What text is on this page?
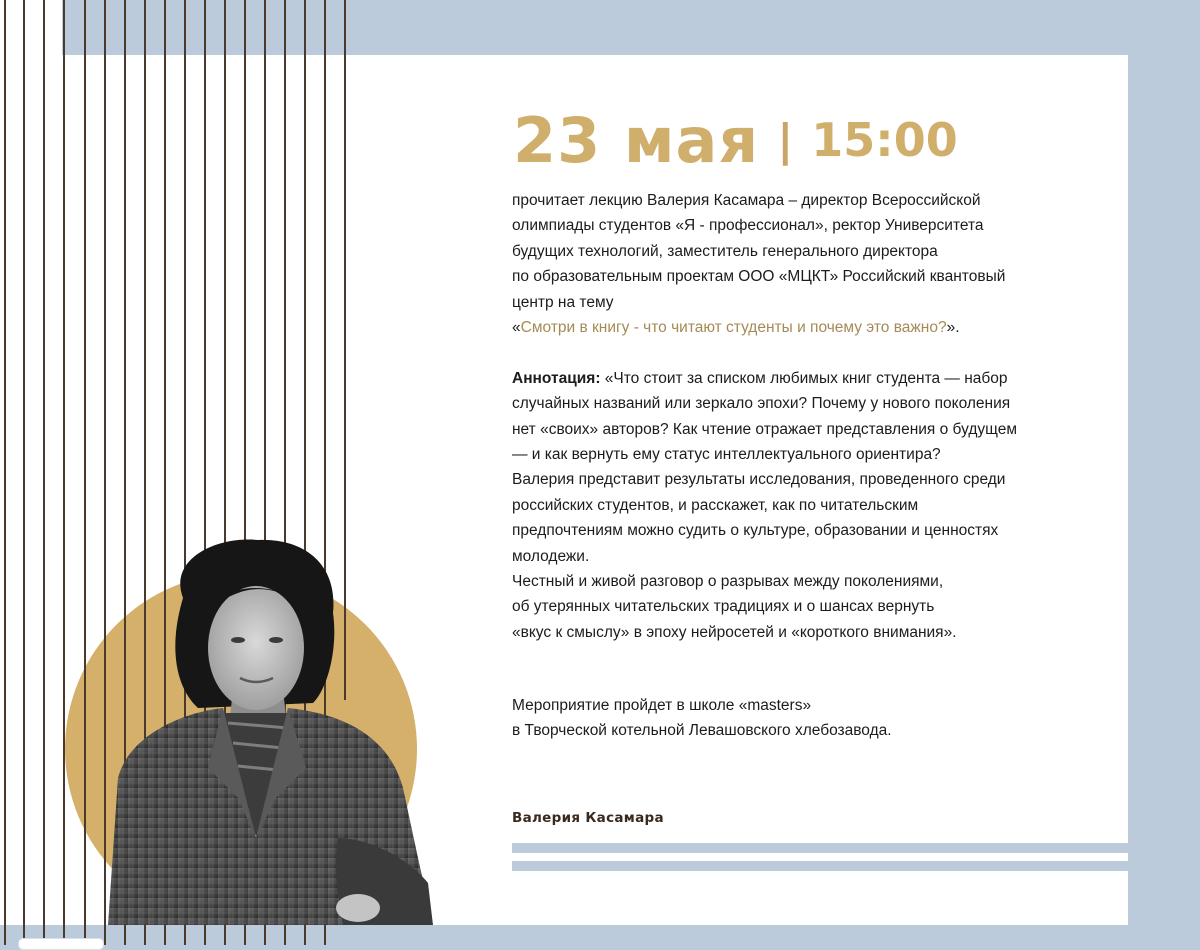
23 мая | 15:00
прочитает лекцию Валерия Касамара – директор Всероссийской
олимпиады студентов «Я - профессионал», ректор Университета
будущих технологий, заместитель генерального директора
по образовательным проектам ООО «МЦКТ» Российский квантовый
центр на тему
«Смотри в книгу - что читают студенты и почему это важно?».
Аннотация: «Что стоит за списком любимых книг студента — набор
случайных названий или зеркало эпохи? Почему у нового поколения
нет «своих» авторов? Как чтение отражает представления о будущем
— и как вернуть ему статус интеллектуального ориентира?
Валерия представит результаты исследования, проведенного среди
российских студентов, и расскажет, как по читательским
предпочтениям можно судить о культуре, образовании и ценностях
молодежи.
Честный и живой разговор о разрывах между поколениями,
об утерянных читательских традициях и о шансах вернуть
«вкус к смыслу» в эпоху нейросетей и «короткого внимания».
Мероприятие пройдет в школе «masters»
в Творческой котельной Левашовского хлебозавода.
Валерия Касамара
